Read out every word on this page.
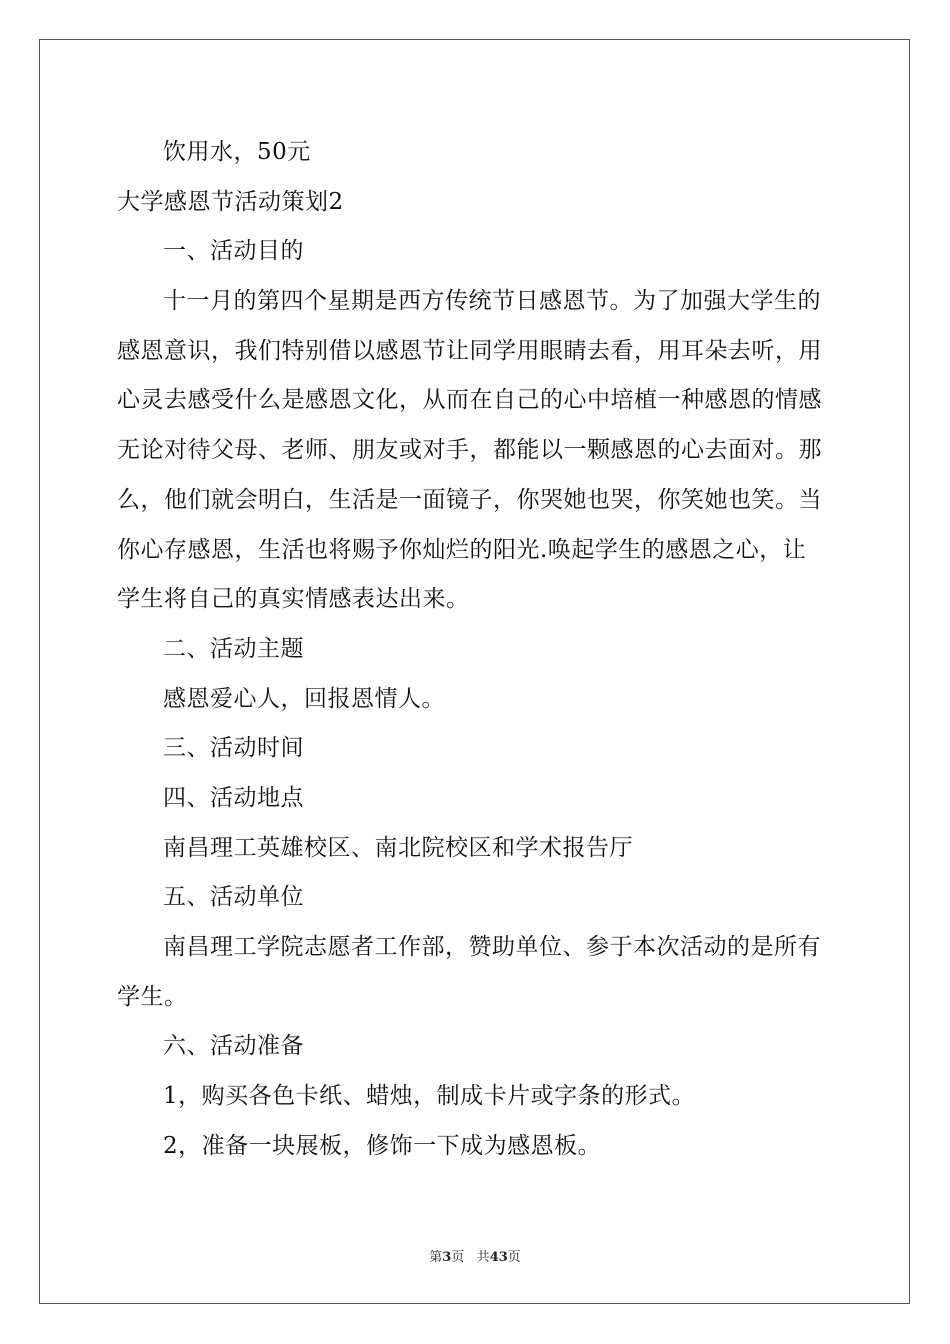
饮用水，50元
大学感恩节活动策划2
一、活动目的
十一月的第四个星期是西方传统节日感恩节。为了加强大学生的
感恩意识，我们特别借以感恩节让同学用眼睛去看，用耳朵去听，用
心灵去感受什么是感恩文化，从而在自己的心中培植一种感恩的情感
无论对待父母、老师、朋友或对手，都能以一颗感恩的心去面对。那
么，他们就会明白，生活是一面镜子，你哭她也哭，你笑她也笑。当
你心存感恩，生活也将赐予你灿烂的阳光.唤起学生的感恩之心，让
学生将自己的真实情感表达出来。
二、活动主题
感恩爱心人，回报恩情人。
三、活动时间
四、活动地点
南昌理工英雄校区、南北院校区和学术报告厅
五、活动单位
南昌理工学院志愿者工作部，赞助单位、参于本次活动的是所有
学生。
六、活动准备
1，购买各色卡纸、蜡烛，制成卡片或字条的形式。
2，准备一块展板，修饰一下成为感恩板。
第3页 共43页
